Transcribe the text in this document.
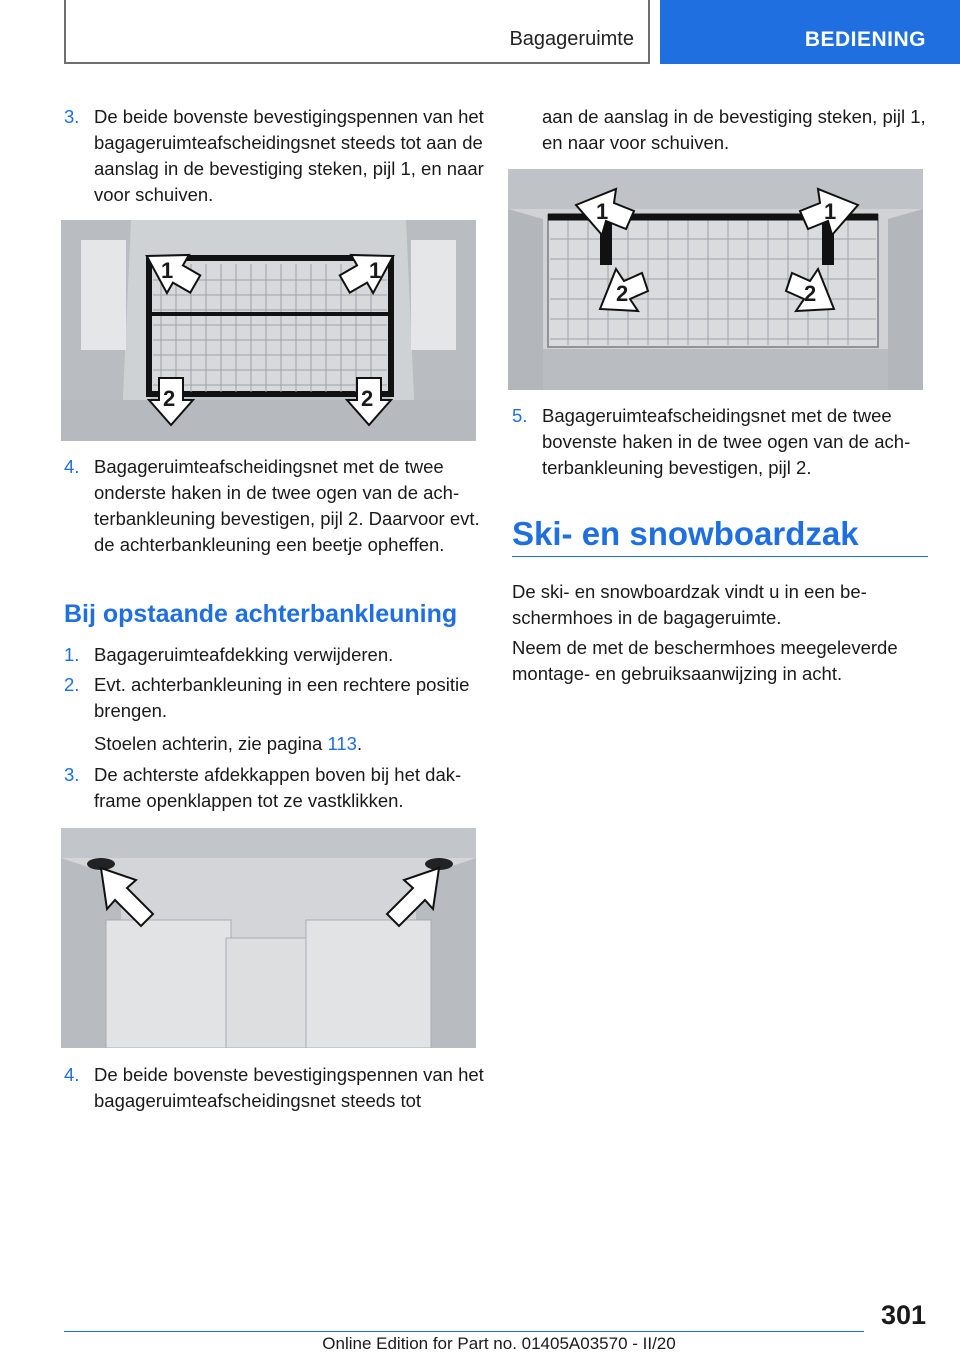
Bagageruimte	BEDIENING
3. De beide bovenste bevestigingspennen van het bagageruimteafscheidingsnet steeds tot aan de aanslag in de bevestiging steken, pijl 1, en naar voor schuiven.
1	1
2	2
4. Bagageruimteafscheidingsnet met de twee onderste haken in de twee ogen van de achterbankleuning bevestigen, pijl 2. Daarvoor evt. de achterbankleuning een beetje opheffen.
Bij opstaande achterbankleuning
1. Bagageruimteafdekking verwijderen.
2. Evt. achterbankleuning in een rechtere positie brengen.
Stoelen achterin, zie pagina 113.
3. De achterste afdekkappen boven bij het dakframe openklappen tot ze vastklikken.
4. De beide bovenste bevestigingspennen van het bagageruimteafscheidingsnet steeds tot
aan de aanslag in de bevestiging steken, pijl 1, en naar voor schuiven.
1	1
2	2
5. Bagageruimteafscheidingsnet met de twee bovenste haken in de twee ogen van de achterbankleuning bevestigen, pijl 2.
Ski- en snowboardzak
De ski- en snowboardzak vindt u in een beschermhoes in de bagageruimte.
Neem de met de beschermhoes meegeleverde montage- en gebruiksaanwijzing in acht.
301
Online Edition for Part no. 01405A03570 - II/20
